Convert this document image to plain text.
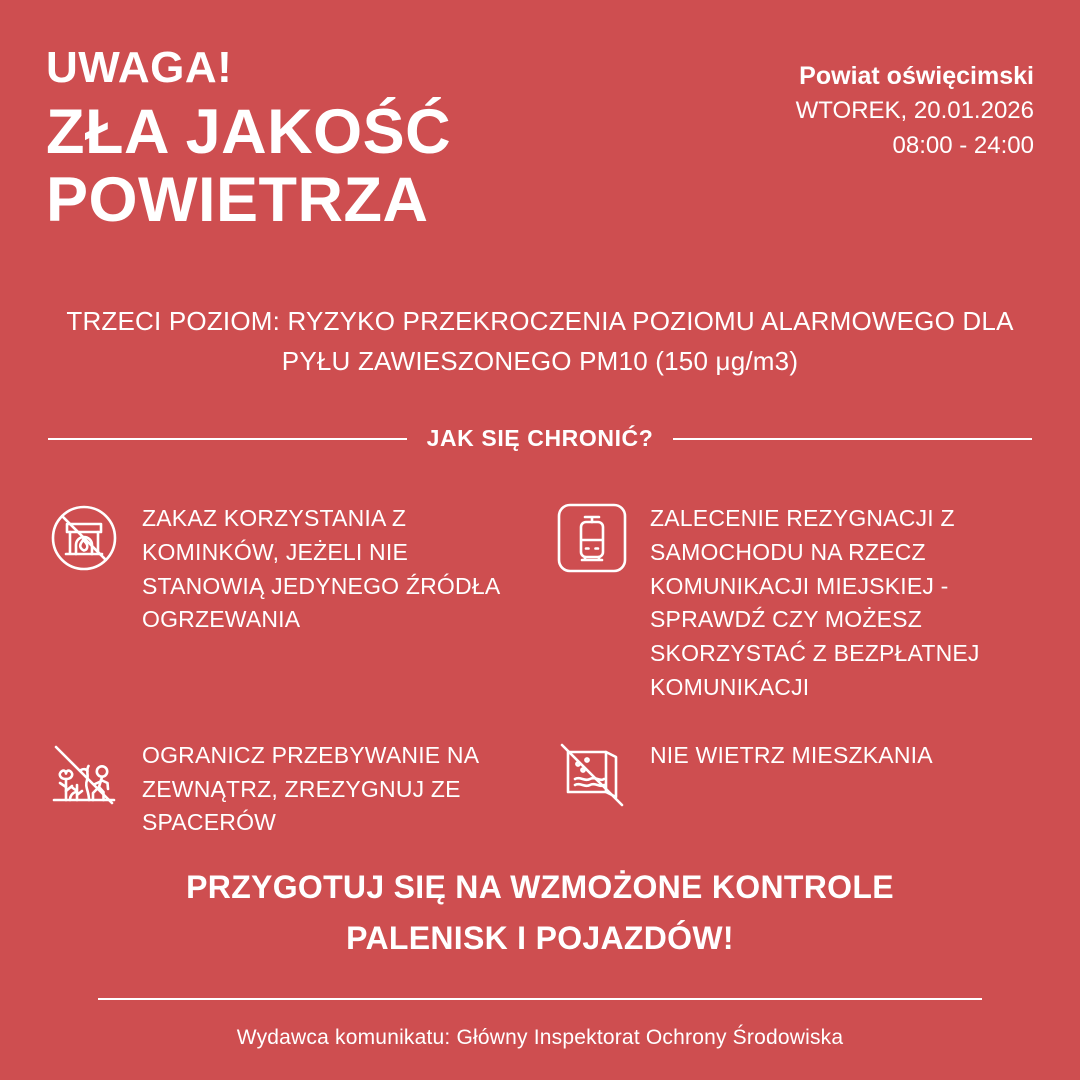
UWAGA!
ZŁA JAKOŚĆ
POWIETRZA
Powiat oświęcimski
WTOREK, 20.01.2026
08:00 - 24:00
TRZECI POZIOM: RYZYKO PRZEKROCZENIA POZIOMU ALARMOWEGO DLA PYŁU ZAWIESZONEGO PM10 (150 μg/m3)
JAK SIĘ CHRONIĆ?
ZAKAZ KORZYSTANIA Z KOMINKÓW, JEŻELI NIE STANOWIĄ JEDYNEGO ŹRÓDŁA OGRZEWANIA
ZALECENIE REZYGNACJI Z SAMOCHODU NA RZECZ KOMUNIKACJI MIEJSKIEJ - SPRAWDŹ CZY MOŻESZ SKORZYSTAĆ Z BEZPŁATNEJ KOMUNIKACJI
OGRANICZ PRZEBYWANIE NA ZEWNĄTRZ, ZREZYGNUJ ZE SPACERÓW
NIE WIETRZ MIESZKANIA
PRZYGOTUJ SIĘ NA WZMOŻONE KONTROLE
PALENISK I POJAZDÓW!
Wydawca komunikatu: Główny Inspektorat Ochrony Środowiska
